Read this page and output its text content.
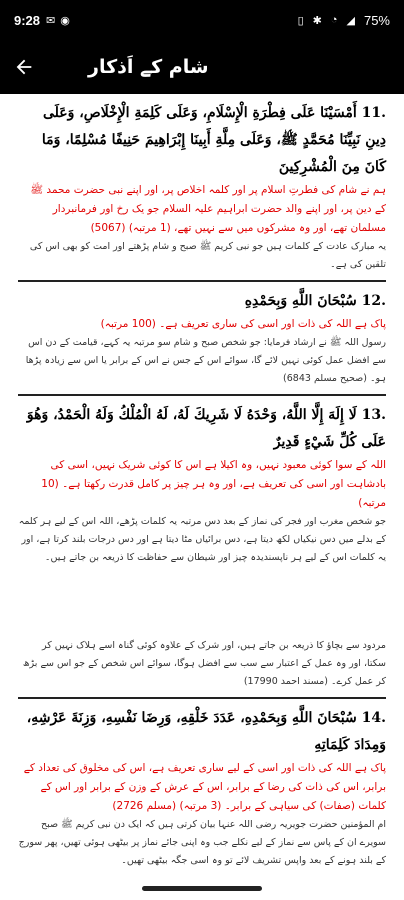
9:28 ✉ ◉	▯ ✱ ◔ ◢ 75%
شام کے اَذکار
.11 أَمْسَيْنَا عَلَى فِطْرَةِ الْإِسْلَامِ، وَعَلَى كَلِمَةِ الْإِخْلَاصِ، وَعَلَى دِينِ نَبِيِّنَا مُحَمَّدٍ ﷺ، وَعَلَى مِلَّةِ أَبِينَا إِبْرَاهِيمَ حَنِيفًا مُسْلِمًا، وَمَا كَانَ مِنَ الْمُشْرِكِينَ
ہم نے شام کی فطرتِ اسلام پر اور کلمہ اخلاص پر، اور اپنے نبی حضرت محمد ﷺ کے دین پر، اور اپنے والد حضرت ابراہیم علیہ السلام جو یک رخ اور فرمانبردار مسلمان تھے، اور وہ مشرکوں میں سے نہیں تھے، (1 مرتبہ) (5067)
یہ مبارک عادت کے کلمات ہیں جو نبی کریم ﷺ صبح و شام پڑھتے اور امت کو بھی اس کی تلقین کی ہے۔
.12 سُبْحَانَ اللَّهِ وَبِحَمْدِهِ
پاک ہے اللہ کی ذات اور اسی کی ساری تعریف ہے۔ (100 مرتبہ)
رسول اللہ ﷺ نے ارشاد فرمایا: جو شخص صبح و شام سو مرتبہ یہ کہے، قیامت کے دن اس سے افضل عمل کوئی نہیں لائے گا، سوائے اس کے جس نے اس کے برابر یا اس سے زیادہ پڑھا ہو۔ (صحیح مسلم 6843)
.13 لَا إِلَهَ إِلَّا اللَّهُ، وَحْدَهُ لَا شَرِيكَ لَهُ، لَهُ الْمُلْكُ وَلَهُ الْحَمْدُ، وَهُوَ عَلَى كُلِّ شَيْءٍ قَدِيرٌ
اللہ کے سوا کوئی معبود نہیں، وہ اکیلا ہے اس کا کوئی شریک نہیں، اسی کی بادشاہت اور اسی کی تعریف ہے، اور وہ ہر چیز پر کامل قدرت رکھتا ہے۔ (10 مرتبہ)
جو شخص مغرب اور فجر کی نماز کے بعد دس مرتبہ یہ کلمات پڑھے، اللہ اس کے لیے ہر کلمہ کے بدلے میں دس نیکیاں لکھ دیتا ہے، دس برائیاں مٹا دیتا ہے اور دس درجات بلند کرتا ہے، اور یہ کلمات اس کے لیے ہر ناپسندیدہ چیز اور شیطان سے حفاظت کا ذریعہ بن جاتے ہیں۔
مردود سے بچاؤ کا ذریعہ بن جاتے ہیں، اور شرک کے علاوہ کوئی گناہ اسے ہلاک نہیں کر سکتا، اور وہ عمل کے اعتبار سے سب سے افضل ہوگا، سوائے اس شخص کے جو اس سے بڑھ کر عمل کرے۔ (مسند احمد 17990)
.14 سُبْحَانَ اللَّهِ وَبِحَمْدِهِ، عَدَدَ خَلْقِهِ، وَرِضَا نَفْسِهِ، وَزِنَةَ عَرْشِهِ، وَمِدَادَ كَلِمَاتِهِ
پاک ہے اللہ کی ذات اور اسی کے لیے ساری تعریف ہے، اس کی مخلوق کی تعداد کے برابر، اس کی ذات کی رضا کے برابر، اس کے عرش کے وزن کے برابر اور اس کے کلمات (صفات) کی سیاہی کے برابر۔ (3 مرتبہ) (مسلم 2726)
ام المؤمنین حضرت جویریہ رضی اللہ عنہا بیان کرتی ہیں کہ ایک دن نبی کریم ﷺ صبح سویرے ان کے پاس سے نماز کے لیے نکلے جب وہ اپنی جائے نماز پر بیٹھی ہوئی تھیں، پھر سورج کے بلند ہونے کے بعد واپس تشریف لائے تو وہ اسی جگہ بیٹھی تھیں۔
